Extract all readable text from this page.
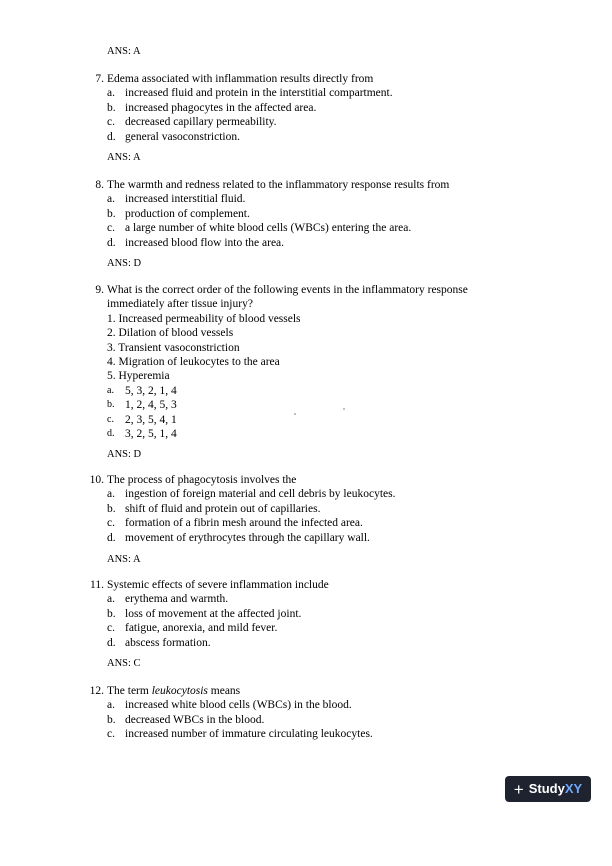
ANS: A
7. Edema associated with inflammation results directly from
a. increased fluid and protein in the interstitial compartment.
b. increased phagocytes in the affected area.
c. decreased capillary permeability.
d. general vasoconstriction.
ANS: A
8. The warmth and redness related to the inflammatory response results from
a. increased interstitial fluid.
b. production of complement.
c. a large number of white blood cells (WBCs) entering the area.
d. increased blood flow into the area.
ANS: D
9. What is the correct order of the following events in the inflammatory response
immediately after tissue injury?
1. Increased permeability of blood vessels
2. Dilation of blood vessels
3. Transient vasoconstriction
4. Migration of leukocytes to the area
5. Hyperemia
a. 5, 3, 2, 1, 4
b. 1, 2, 4, 5, 3
c. 2, 3, 5, 4, 1
d. 3, 2, 5, 1, 4
ANS: D
10. The process of phagocytosis involves the
a. ingestion of foreign material and cell debris by leukocytes.
b. shift of fluid and protein out of capillaries.
c. formation of a fibrin mesh around the infected area.
d. movement of erythrocytes through the capillary wall.
ANS: A
11. Systemic effects of severe inflammation include
a. erythema and warmth.
b. loss of movement at the affected joint.
c. fatigue, anorexia, and mild fever.
d. abscess formation.
ANS: C
12. The term leukocytosis means
a. increased white blood cells (WBCs) in the blood.
b. decreased WBCs in the blood.
c. increased number of immature circulating leukocytes.
+ StudyXY
